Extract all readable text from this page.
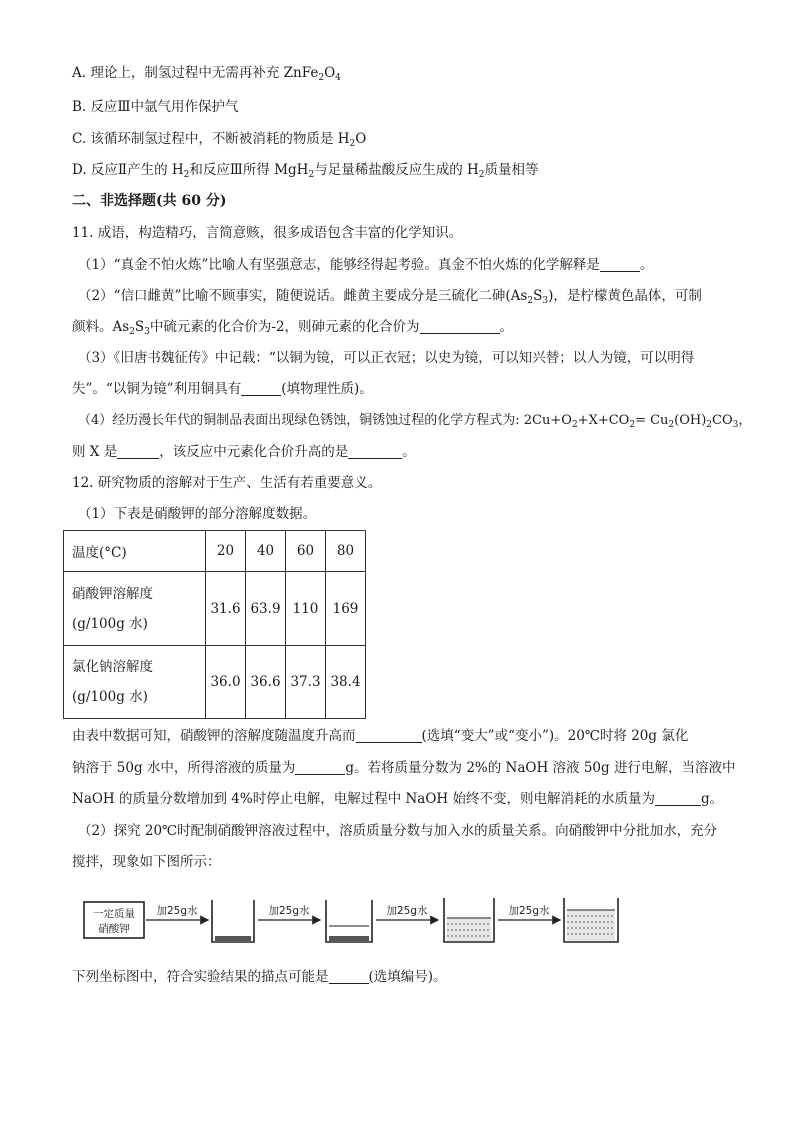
A. 理论上，制氢过程中无需再补充 $ZnFe_2O_4$
B. 反应Ⅲ中氩气用作保护气
C. 该循环制氢过程中，不断被消耗的物质是 $H_2O$
D. 反应Ⅱ产生的 $H_2$和反应Ⅲ所得 MgH$_2$与足量稀盐酸反应生成的 $H_2$质量相等
二、非选择题(共 60 分)
11. 成语，构造精巧，言简意赅，很多成语包含丰富的化学知识。
（1）“真金不怕火炼”比喻人有坚强意志，能够经得起考验。真金不怕火炼的化学解释是	。
（2）“信口雌黄”比喻不顾事实，随便说话。雌黄主要成分是三硫化二砷$(As_2S_3)$，是柠檬黄色晶体，可制
颜料。$As_2S_3$中硫元素的化合价为-2，则砷元素的化合价为	。
（3）《旧唐书魏征传》中记载：“以铜为镜，可以正衣冠；以史为镜，可以知兴替；以人为镜，可以明得
失”。“以铜为镜”利用铜具有	(填物理性质)。
（4）经历漫长年代的铜制品表面出现绿色锈蚀，铜锈蚀过程的化学方程式为: $2Cu+O_2+X+CO_2= Cu_2(OH)_2CO_3$，
则 X 是	，该反应中元素化合价升高的是	。
12. 研究物质的溶解对于生产、生活有若重要意义。
（1）下表是硝酸钾的部分溶解度数据。
温度(°C)	20	40	60	80
硝酸钾溶解度
(g/100g 水)	31.6	63.9	110	169
氯化钠溶解度
(g/100g 水)	36.0	36.6	37.3	38.4
由表中数据可知，硝酸钾的溶解度随温度升高而	(选填“变大”或“变小”)。20℃时将 20g 氯化
钠溶于 50g 水中，所得溶液的质量为	g。若将质量分数为 2%的 NaOH 溶液 50g 进行电解，当溶液中
NaOH 的质量分数增加到 4%时停止电解，电解过程中 NaOH 始终不变，则电解消耗的水质量为	g。
（2）探究 20℃时配制硝酸钾溶液过程中，溶质质量分数与加入水的质量关系。向硝酸钾中分批加水，充分
搅拌，现象如下图所示：
一定质量
硝酸钾
加25g水	加25g水	加25g水	加25g水
下列坐标图中，符合实验结果的描点可能是	(选填编号)。
